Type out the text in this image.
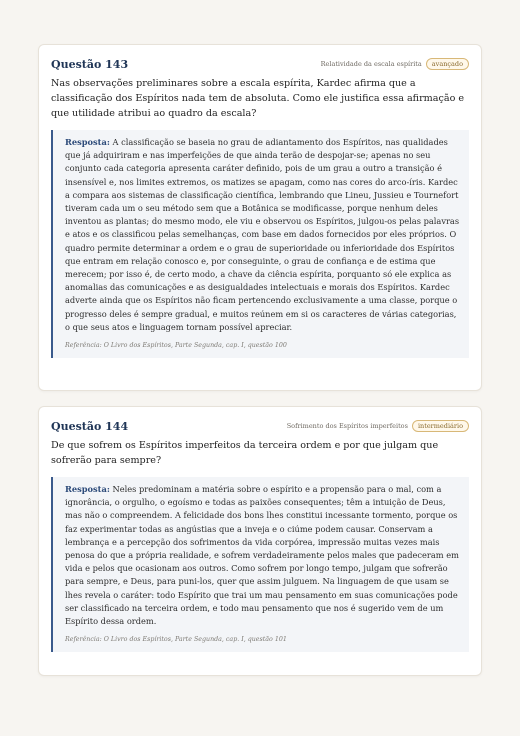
Questão 143	Relatividade da escala espírita	avançado
Nas observações preliminares sobre a escala espírita, Kardec afirma que a classificação dos Espíritos nada tem de absoluta. Como ele justifica essa afirmação e que utilidade atribui ao quadro da escala?
Resposta: A classificação se baseia no grau de adiantamento dos Espíritos, nas qualidades que já adquiriram e nas imperfeições de que ainda terão de despojar-se; apenas no seu conjunto cada categoria apresenta caráter definido, pois de um grau a outro a transição é insensível e, nos limites extremos, os matizes se apagam, como nas cores do arco-íris. Kardec a compara aos sistemas de classificação científica, lembrando que Lineu, Jussieu e Tournefort tiveram cada um o seu método sem que a Botânica se modificasse, porque nenhum deles inventou as plantas; do mesmo modo, ele viu e observou os Espíritos, julgou-os pelas palavras e atos e os classificou pelas semelhanças, com base em dados fornecidos por eles próprios. O quadro permite determinar a ordem e o grau de superioridade ou inferioridade dos Espíritos que entram em relação conosco e, por conseguinte, o grau de confiança e de estima que merecem; por isso é, de certo modo, a chave da ciência espírita, porquanto só ele explica as anomalias das comunicações e as desigualdades intelectuais e morais dos Espíritos. Kardec adverte ainda que os Espíritos não ficam pertencendo exclusivamente a uma classe, porque o progresso deles é sempre gradual, e muitos reúnem em si os caracteres de várias categorias, o que seus atos e linguagem tornam possível apreciar.
Referência: O Livro dos Espíritos, Parte Segunda, cap. I, questão 100
Questão 144	Sofrimento dos Espíritos imperfeitos	intermediário
De que sofrem os Espíritos imperfeitos da terceira ordem e por que julgam que sofrerão para sempre?
Resposta: Neles predominam a matéria sobre o espírito e a propensão para o mal, com a ignorância, o orgulho, o egoísmo e todas as paixões consequentes; têm a intuição de Deus, mas não o compreendem. A felicidade dos bons lhes constitui incessante tormento, porque os faz experimentar todas as angústias que a inveja e o ciúme podem causar. Conservam a lembrança e a percepção dos sofrimentos da vida corpórea, impressão muitas vezes mais penosa do que a própria realidade, e sofrem verdadeiramente pelos males que padeceram em vida e pelos que ocasionam aos outros. Como sofrem por longo tempo, julgam que sofrerão para sempre, e Deus, para puni-los, quer que assim julguem. Na linguagem de que usam se lhes revela o caráter: todo Espírito que trai um mau pensamento em suas comunicações pode ser classificado na terceira ordem, e todo mau pensamento que nos é sugerido vem de um Espírito dessa ordem.
Referência: O Livro dos Espíritos, Parte Segunda, cap. I, questão 101
